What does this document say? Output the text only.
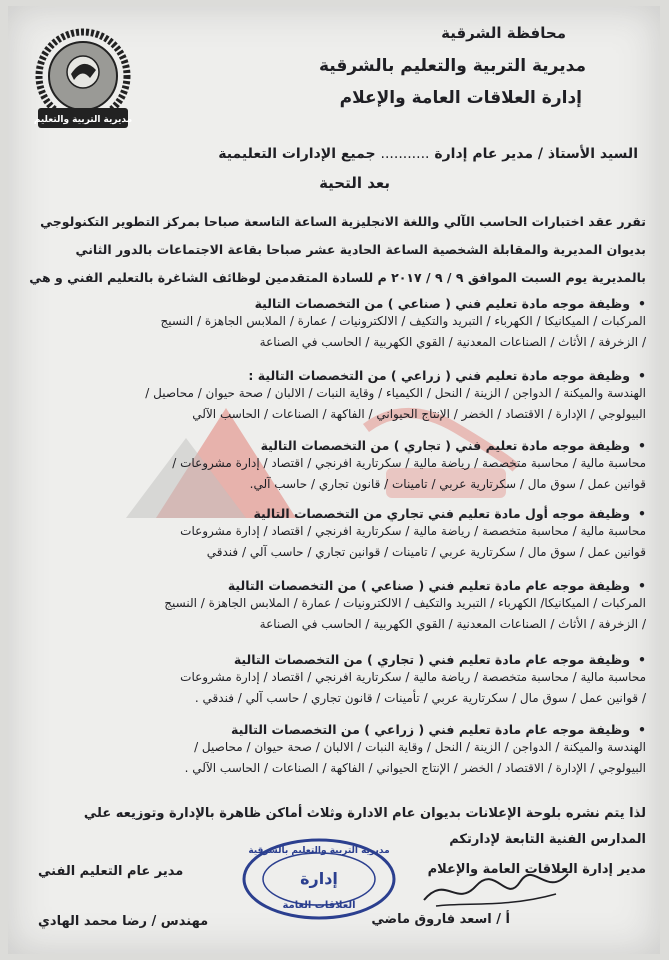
مديرية التربية والتعليم
محافظة الشرقية
مديرية التربية والتعليم بالشرقية
إدارة العلاقات العامة والإعلام
السيد الأستاذ / مدير عام إدارة ........... جميع الإدارات التعليمية
بعد التحية
تقرر عقد اختبارات الحاسب الآلي واللغة الانجليزية الساعة التاسعة صباحا بمركز التطوير التكنولوجي
بديوان المديرية والمقابلة الشخصية الساعة الحادية عشر صباحا بقاعة الاجتماعات بالدور الثاني
بالمديرية يوم السبت الموافق ٩ / ٩ / ٢٠١٧ م للسادة المتقدمين لوظائف الشاغرة بالتعليم الفني و هي
•وظيفة موجه مادة تعليم فني ( صناعي ) من التخصصات التالية
المركبات / الميكانيكا / الكهرباء / التبريد والتكيف / الالكترونيات / عمارة / الملابس الجاهزة / النسيج
/ الزخرفة / الأثاث / الصناعات المعدنية / القوي الكهربية / الحاسب في الصناعة
•وظيفة موجه مادة تعليم فني ( زراعي ) من التخصصات التالية :
الهندسة والميكنة / الدواجن / الزينة / النحل / الكيمياء / وقاية النبات / الالبان / صحة حيوان / محاصيل /
البيولوجي / الإدارة / الاقتصاد / الخضر / الإنتاج الحيواني / الفاكهة / الصناعات / الحاسب الآلي
•وظيفة موجه مادة تعليم فني ( تجاري ) من التخصصات التالية
محاسبة مالية / محاسبة متخصصة / رياضة مالية / سكرتارية افرنجي / اقتصاد / إدارة مشروعات /
قوانين عمل / سوق مال / سكرتارية عربي / تامينات / قانون تجاري / حاسب آلي.
•وظيفة موجه أول مادة تعليم فني تجاري من التخصصات التالية
محاسبة مالية / محاسبة متخصصة / رياضة مالية / سكرتارية افرنجي / اقتصاد / إدارة مشروعات
قوانين عمل / سوق مال / سكرتارية عربي / تامينات / قوانين تجاري / حاسب آلي / فندقي
•وظيفة موجه عام مادة تعليم فني ( صناعي ) من التخصصات التالية
المركبات / الميكانيكا/ الكهرباء / التبريد والتكيف / الالكترونيات / عمارة / الملابس الجاهزة / النسيج
/ الزخرفة / الأثاث / الصناعات المعدنية / القوي الكهربية / الحاسب في الصناعة
•وظيفة موجه عام مادة تعليم فني ( تجاري ) من التخصصات التالية
محاسبة مالية / محاسبة متخصصة / رياضة مالية / سكرتارية افرنجي / اقتصاد / إدارة مشروعات
/ قوانين عمل / سوق مال / سكرتارية عربي / تأمينات / قانون تجاري / حاسب آلي / فندقي .
•وظيفة موجه عام مادة تعليم فني ( زراعي ) من التخصصات التالية
الهندسة والميكنة / الدواجن / الزينة / النحل / وقاية النبات / الالبان / صحة حيوان / محاصيل /
البيولوجي / الإدارة / الاقتصاد / الخضر / الإنتاج الحيواني / الفاكهة / الصناعات / الحاسب الآلي .
لذا يتم نشره بلوحة الإعلانات بديوان عام الادارة وثلاث أماكن ظاهرة بالإدارة وتوزيعه علي
المدارس الفنية التابعة لإدارتكم
مدير إدارة العلاقات العامة والإعلام
مدير عام التعليم الفني
مديرية التربية والتعليم بالشرقية
إدارة
العلاقات العامة
أ / اسعد فاروق ماضي
مهندس / رضا محمد الهادي
